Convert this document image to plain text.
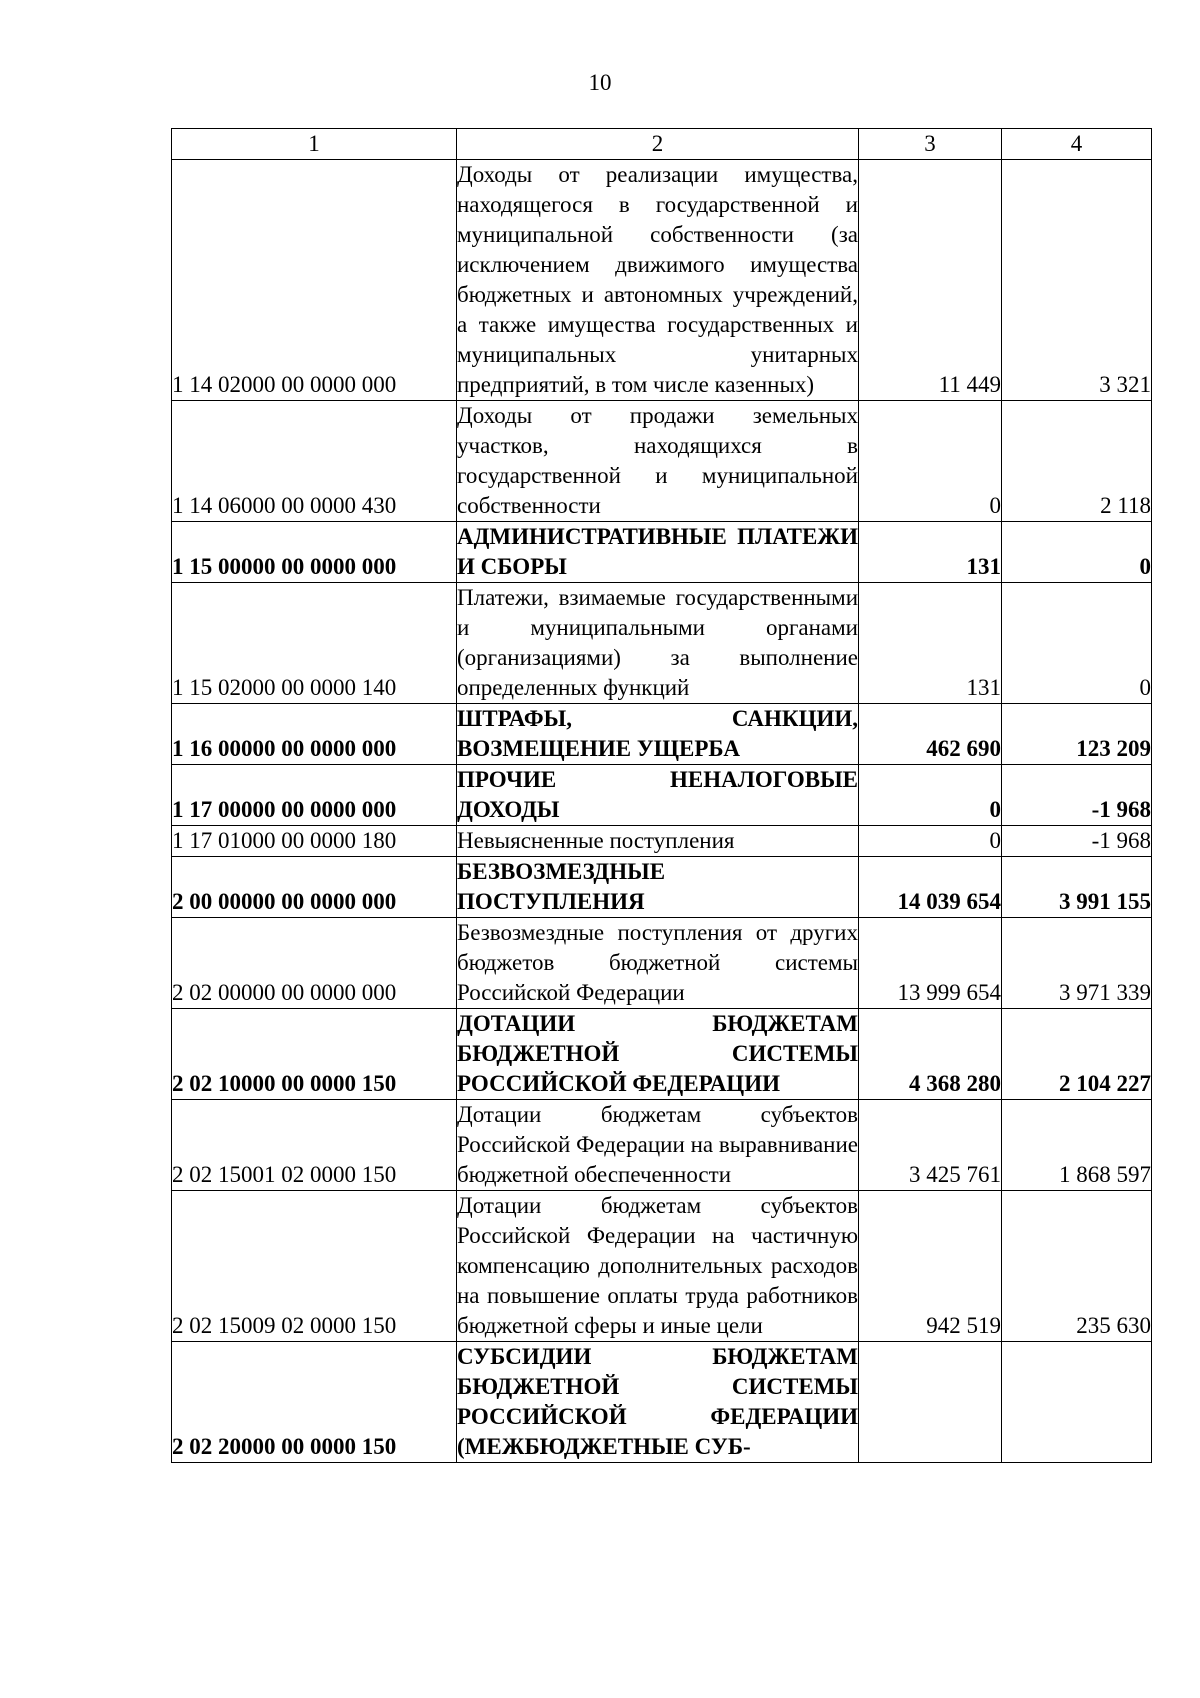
10
1	2	3	4
1 14 02000 00 0000 000	Доходы от реализации имущества, находящегося в государственной и муниципальной собственности (за исключением движимого имущества бюджетных и автономных учреждений, а также имущества государственных и муниципальных унитарных предприятий, в том числе казенных)	11 449	3 321
1 14 06000 00 0000 430	Доходы от продажи земельных участков, находящихся в государственной и муниципальной собственности	0	2 118
1 15 00000 00 0000 000	АДМИНИСТРАТИВНЫЕ ПЛАТЕЖИ И СБОРЫ	131	0
1 15 02000 00 0000 140	Платежи, взимаемые государственными и муниципальными органами (организациями) за выполнение определенных функций	131	0
1 16 00000 00 0000 000	ШТРАФЫ, САНКЦИИ, ВОЗМЕЩЕНИЕ УЩЕРБА	462 690	123 209
1 17 00000 00 0000 000	ПРОЧИЕ НЕНАЛОГОВЫЕ ДОХОДЫ	0	-1 968
1 17 01000 00 0000 180	Невыясненные поступления	0	-1 968
2 00 00000 00 0000 000	БЕЗВОЗМЕЗДНЫЕ ПОСТУПЛЕНИЯ	14 039 654	3 991 155
2 02 00000 00 0000 000	Безвозмездные поступления от других бюджетов бюджетной системы Российской Федерации	13 999 654	3 971 339
2 02 10000 00 0000 150	ДОТАЦИИ БЮДЖЕТАМ БЮДЖЕТНОЙ СИСТЕМЫ РОССИЙСКОЙ ФЕДЕРАЦИИ	4 368 280	2 104 227
2 02 15001 02 0000 150	Дотации бюджетам субъектов Российской Федерации на выравнивание бюджетной обеспеченности	3 425 761	1 868 597
2 02 15009 02 0000 150	Дотации бюджетам субъектов Российской Федерации на частичную компенсацию дополнительных расходов на повышение оплаты труда работников бюджетной сферы и иные цели	942 519	235 630
2 02 20000 00 0000 150	СУБСИДИИ БЮДЖЕТАМ БЮДЖЕТНОЙ СИСТЕМЫ РОССИЙСКОЙ ФЕДЕРАЦИИ (МЕЖБЮДЖЕТНЫЕ СУБ-		
